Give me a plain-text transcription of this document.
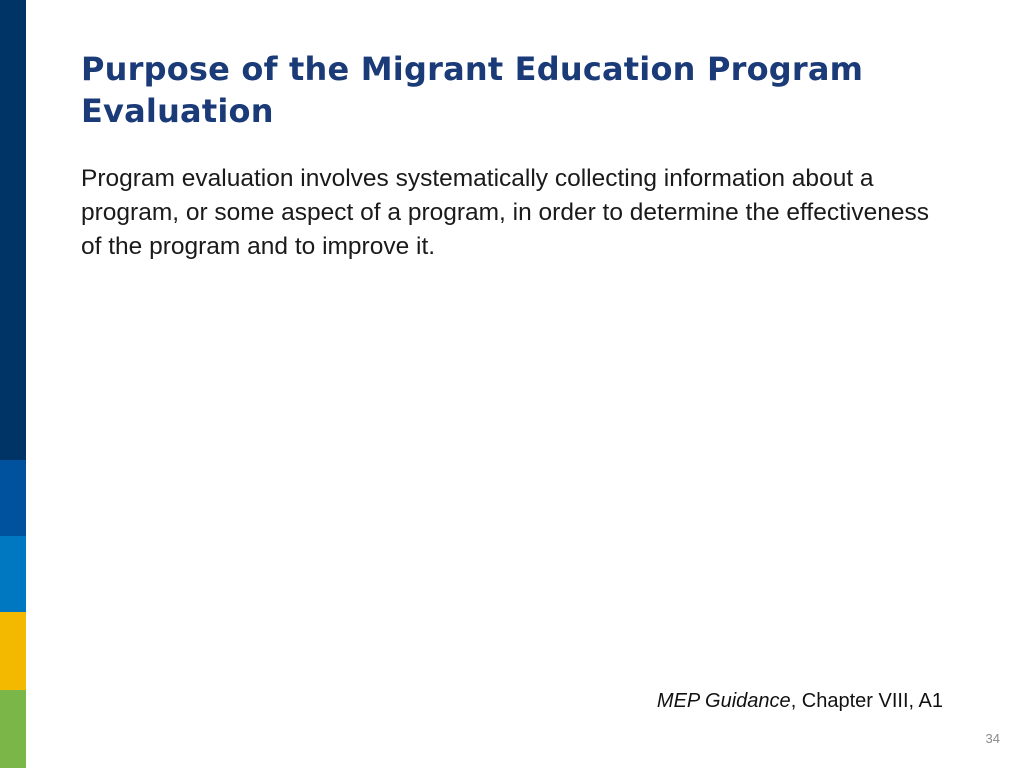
Purpose of the Migrant Education Program Evaluation

Program evaluation involves systematically collecting information about a program, or some aspect of a program, in order to determine the effectiveness of the program and to improve it.

MEP Guidance, Chapter VIII, A1

34
